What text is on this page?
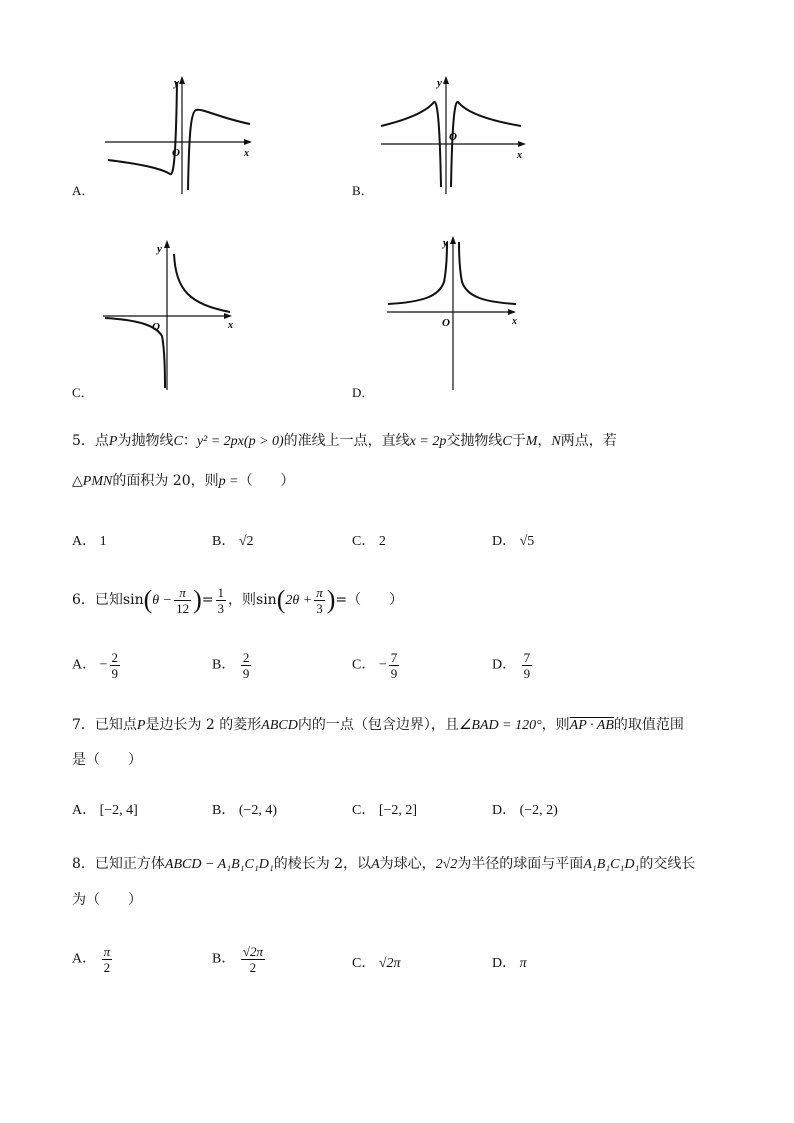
y
x
O
A．
y
x
O
B．
y
x
O
C．
y
x
O
D．
5．点P为抛物线C：y² = 2px(p > 0)的准线上一点，直线x = 2p交抛物线C于M，N两点，若
△PMN的面积为 20，则p =（　　）
A． 1	B． √2	C． 2	D． √5
6．已知$\sin(\theta - \frac{\pi}{12}$ )= $\frac{1}{3}$ ，则$\sin(2\theta + \frac{\pi}{3}$ )=（　　）
A． − $\frac{2}{9}$	B． $\frac{2}{9}$	C． − $\frac{7}{9}$	D． $\frac{7}{9}$
7．已知点P是边长为 2 的菱形ABCD内的一点（包含边界），且∠BAD = 120°，则AP · AB的取值范围
是（　　）
A． [−2, 4]	B． (−2, 4)	C． [−2, 2]	D． (−2, 2)
8．已知正方体ABCD − A₁B₁C₁D₁的棱长为 2，以A为球心，2√2为半径的球面与平面A₁B₁C₁D₁的交线长
为（　　）
A． $\frac{\pi}{2}$	B． $\frac{√2\pi}{2}$	C． √2π	D． π
